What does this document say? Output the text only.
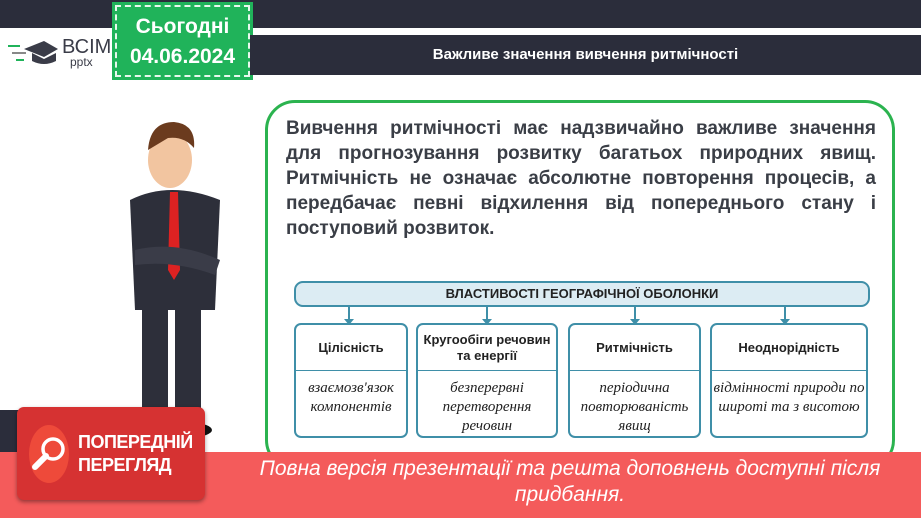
ВСІМ
pptx
Сьогодні
04.06.2024	Важливе значення вивчення ритмічності

Вивчення ритмічності має надзвичайно важливе значення для прогнозування розвитку багатьох природних явищ. Ритмічність не означає абсолютне повторення процесів, а передбачає певні відхилення від попереднього стану і поступовий розвиток.

ВЛАСТИВОСТІ ГЕОГРАФІЧНОЇ ОБОЛОНКИ
Цілісність
взаємозв'язок компонентів
Кругообіги речовин та енергії
безперервні перетворення речовин
Ритмічність
періодична повторюваність явищ
Неоднорідність
відмінності природи по широті та з висотою
Повна версія презентації та решта доповнень доступні після придбання.
ПОПЕРЕДНІЙ ПЕРЕГЛЯД
